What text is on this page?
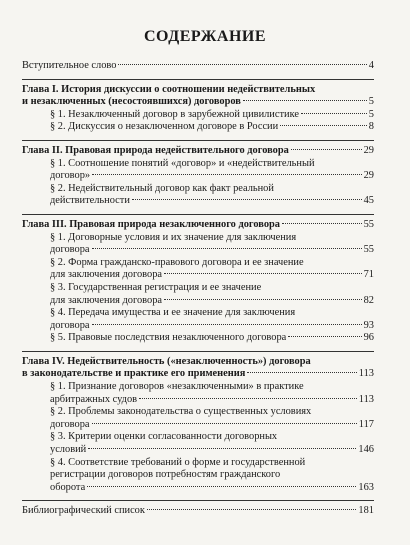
СОДЕРЖАНИЕ
Вступительное слово	4
Глава I. История дискуссии о соотношении недействительных
и незаключенных (несостоявшихся) договоров	5
§ 1. Незаключенный договор в зарубежной цивилистике	5
§ 2. Дискуссия о незаключенном договоре в России	8
Глава II. Правовая природа недействительного договора	29
§ 1. Соотношение понятий «договор» и «недействительный
договор»	29
§ 2. Недействительный договор как факт реальной
действительности	45
Глава III. Правовая природа незаключенного договора	55
§ 1. Договорные условия и их значение для заключения
договора	55
§ 2. Форма гражданско-правового договора и ее значение
для заключения договора	71
§ 3. Государственная регистрация и ее значение
для заключения договора	82
§ 4. Передача имущества и ее значение для заключения
договора	93
§ 5. Правовые последствия незаключенного договора	96
Глава IV. Недействительность («незаключенность») договора
в законодательстве и практике его применения	113
§ 1. Признание договоров «незаключенными» в практике
арбитражных судов	113
§ 2. Проблемы законодательства о существенных условиях
договора	117
§ 3. Критерии оценки согласованности договорных
условий	146
§ 4. Соответствие требований о форме и государственной
регистрации договоров потребностям гражданского
оборота	163
Библиографический список	181
